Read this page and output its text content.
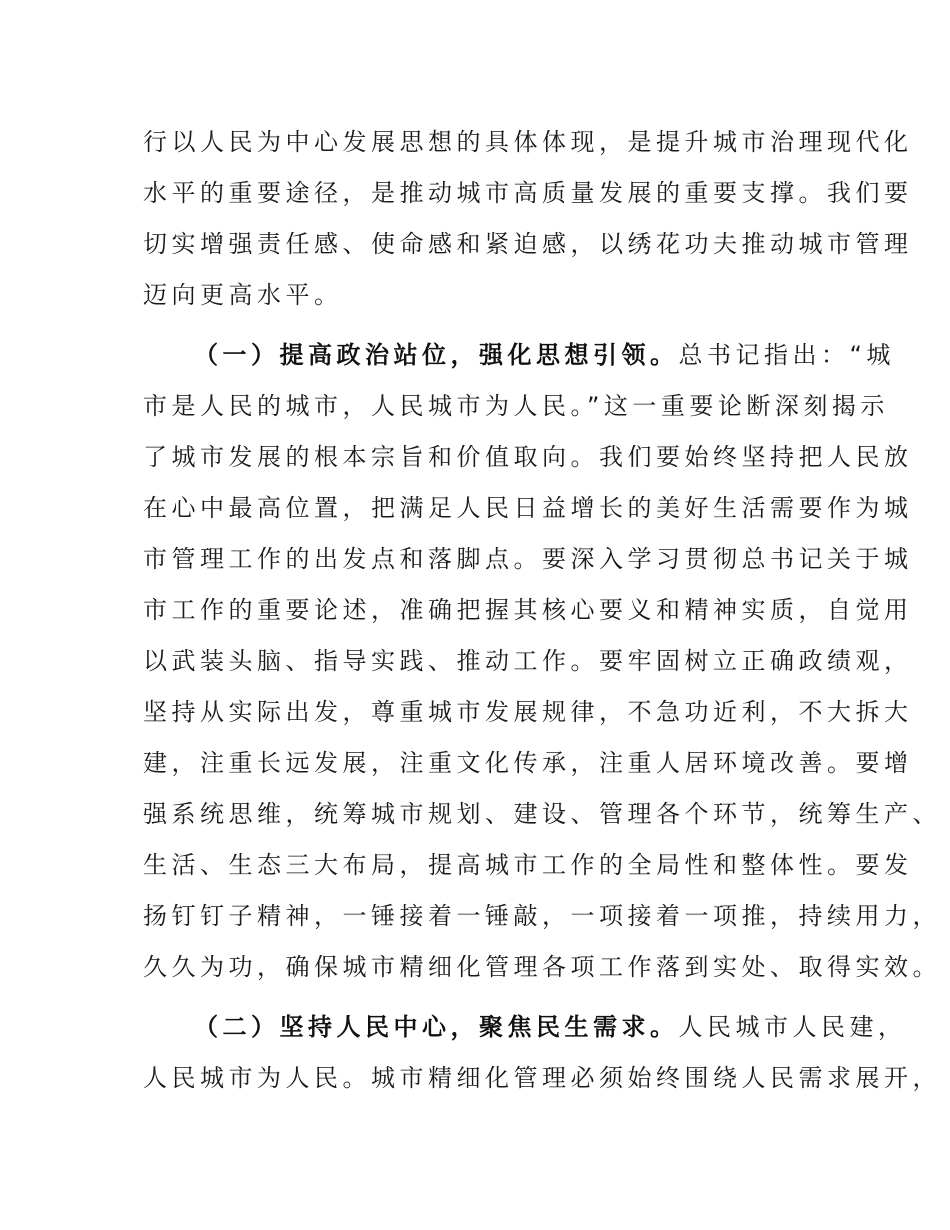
行以人民为中心发展思想的具体体现，是提升城市治理现代化
水平的重要途径，是推动城市高质量发展的重要支撑。我们要
切实增强责任感、使命感和紧迫感，以绣花功夫推动城市管理
迈向更高水平。
（一）提高政治站位，强化思想引领。总书记指出：“城
市是人民的城市，人民城市为人民。”这一重要论断深刻揭示
了城市发展的根本宗旨和价值取向。我们要始终坚持把人民放
在心中最高位置，把满足人民日益增长的美好生活需要作为城
市管理工作的出发点和落脚点。要深入学习贯彻总书记关于城
市工作的重要论述，准确把握其核心要义和精神实质，自觉用
以武装头脑、指导实践、推动工作。要牢固树立正确政绩观，
坚持从实际出发，尊重城市发展规律，不急功近利，不大拆大
建，注重长远发展，注重文化传承，注重人居环境改善。要增
强系统思维，统筹城市规划、建设、管理各个环节，统筹生产、
生活、生态三大布局，提高城市工作的全局性和整体性。要发
扬钉钉子精神，一锤接着一锤敲，一项接着一项推，持续用力，
久久为功，确保城市精细化管理各项工作落到实处、取得实效。
（二）坚持人民中心，聚焦民生需求。人民城市人民建，
人民城市为人民。城市精细化管理必须始终围绕人民需求展开，
